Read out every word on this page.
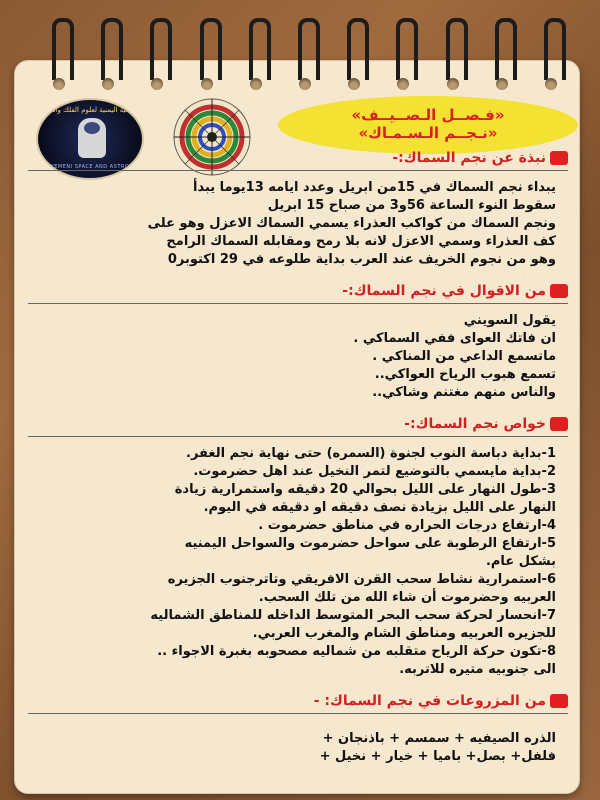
الجمعية اليمنية لعلوم الفلك والفضاء
YEMENI SPACE AND ASTRO
«فـصــل الـصــيــف»
«نـجــم الـسـمـاك»
نبذة عن نجم السماك:-
يبداء نجم السماك في 15من ابريل وعدد ايامه 13يوما يبدأ
سقوط النوء الساعة 56و3 من صباح 15 ابريل
ونجم السماك من كواكب العذراء يسمي السماك الاعزل وهو على
كف العذراء وسمي الاعزل لانه بلا رمح ومقابله السماك الرامح
وهو من نجوم الخريف عند العرب بداية طلوعه في 29 اكتوبر0
من الاقوال في نجم السماك:-
يقول السويني
ان فاتك العواى ففي السماكي .
ماتسمع الداعي من المناكي .
تسمع هبوب الرياح العواكي..
والناس منهم مغتنم وشاكي..
خواص نجم السماك:-
1-بداية دباسة النوب لجنوة (السمره) حتى نهاية نجم الغفر.
2-بداية مايسمي بالتوضيع لتمر النخيل عند اهل حضرموت.
3-طول النهار على الليل بحوالي 20 دقيقه واستمرارية زيادة
النهار على الليل بزيادة نصف دقيقه او دقيقه في اليوم.
4-ارتفاع درجات الحراره في مناطق حضرموت .
5-ارتفاع الرطوبة على سواحل حضرموت والسواحل اليمنيه
بشكل عام.
6-استمرارية نشاط سحب القرن الافريقي وتاترجنوب الجزيره
العربيه وحضرموت أن شاء الله من تلك السحب.
7-انحسار لحركة سحب البحر المتوسط الداخله للمناطق الشماليه
للجزيره العربيه ومناطق الشام والمغرب العربي.
8-تكون حركة الرياح متقلبه من شماليه مصحوبه بغبرة الاجواء ..
الى جنوبيه متيره للاتربه.
من المزروعات في نجم السماك: -
الذره الصيفيه + سمسم + باذنجان +
فلفل+ بصل+ باميا + خيار + نخيل +
